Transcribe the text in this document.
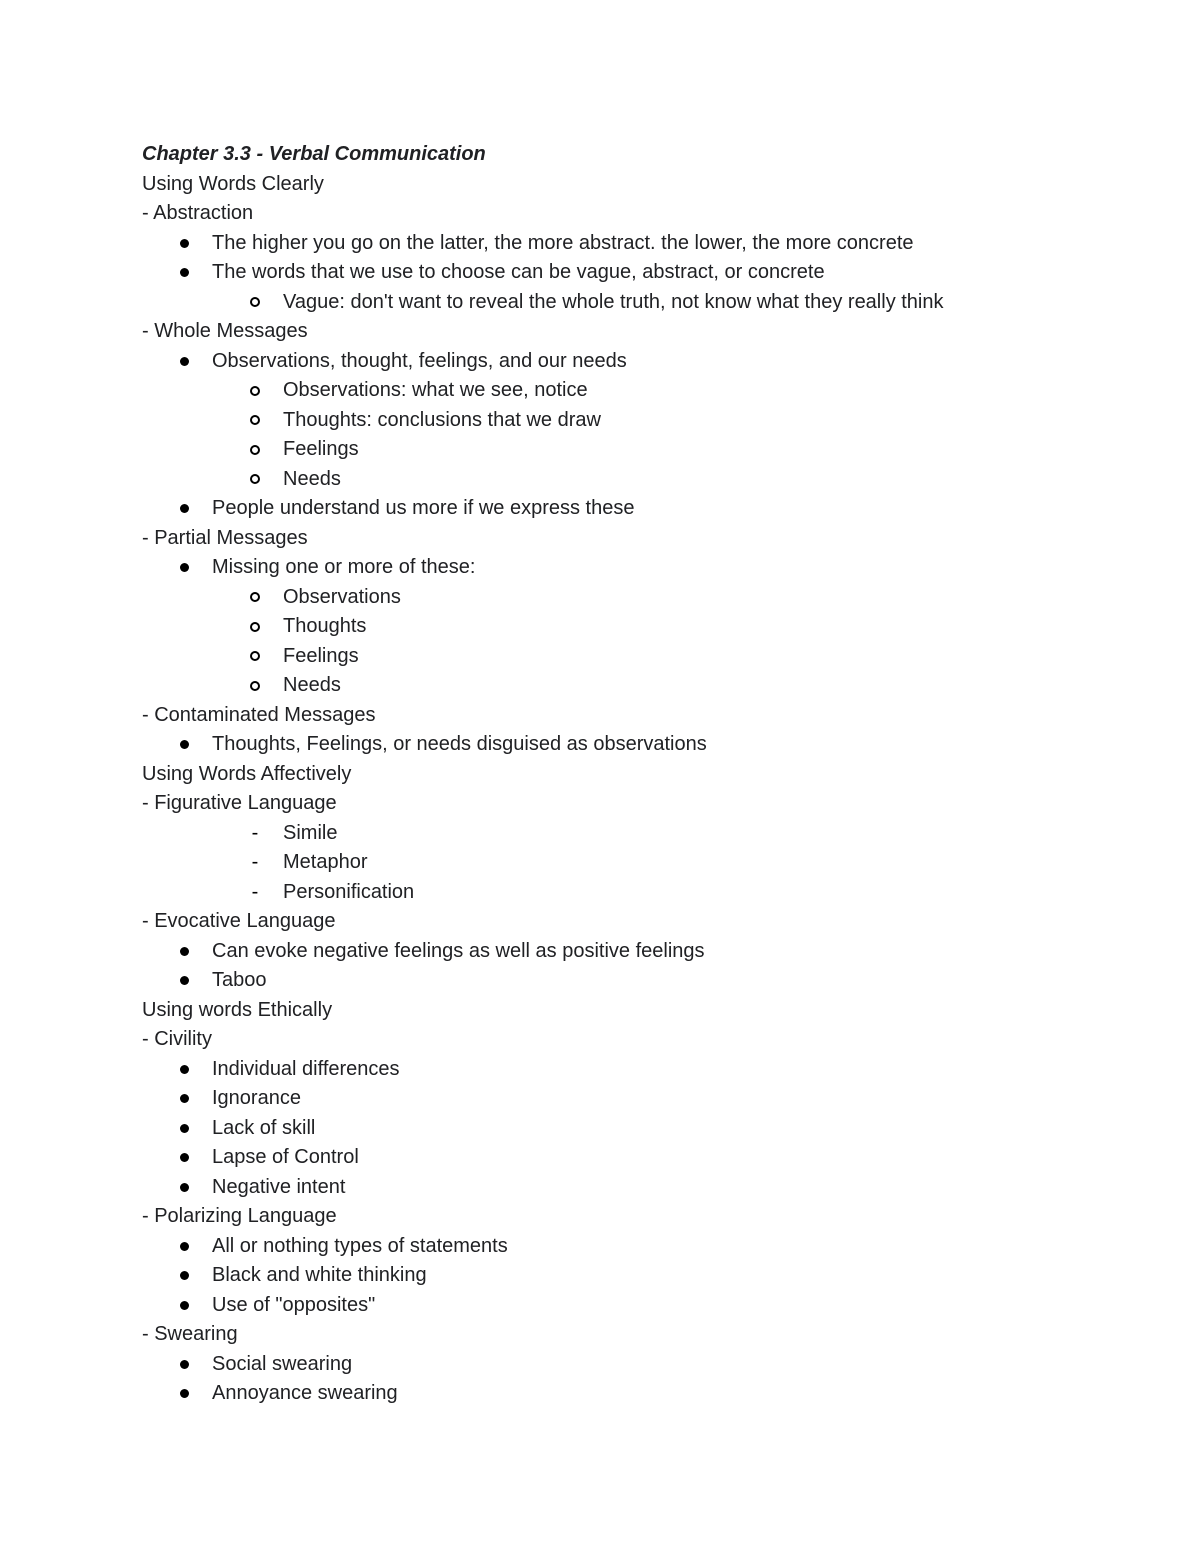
Chapter 3.3 - Verbal Communication
Using Words Clearly
- Abstraction
The higher you go on the latter, the more abstract. the lower, the more concrete
The words that we use to choose can be vague, abstract, or concrete
Vague: don't want to reveal the whole truth, not know what they really think
- Whole Messages
Observations, thought, feelings, and our needs
Observations: what we see, notice
Thoughts: conclusions that we draw
Feelings
Needs
People understand us more if we express these
- Partial Messages
Missing one or more of these:
Observations
Thoughts
Feelings
Needs
- Contaminated Messages
Thoughts, Feelings, or needs disguised as observations
Using Words Affectively
- Figurative Language
- Simile
- Metaphor
- Personification
- Evocative Language
Can evoke negative feelings as well as positive feelings
Taboo
Using words Ethically
- Civility
Individual differences
Ignorance
Lack of skill
Lapse of Control
Negative intent
- Polarizing Language
All or nothing types of statements
Black and white thinking
Use of "opposites"
- Swearing
Social swearing
Annoyance swearing
